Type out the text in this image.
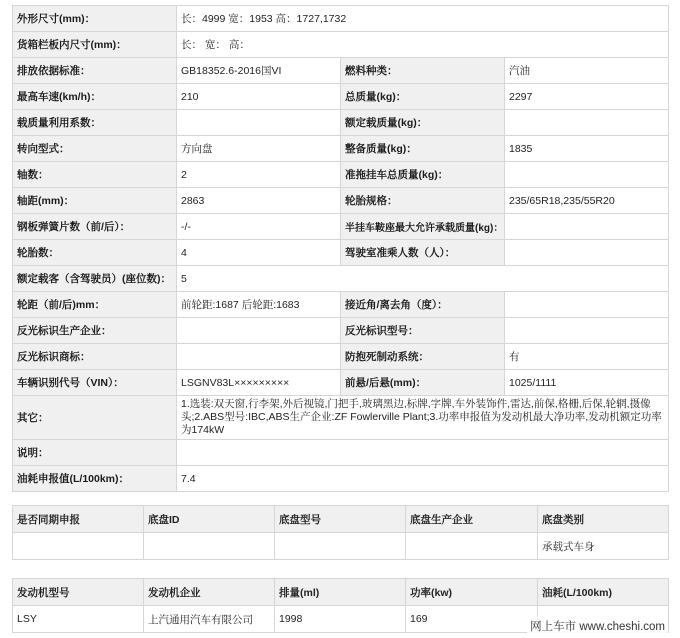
外形尺寸(mm)：	长：4999 宽：1953 高：1727,1732		
货箱栏板内尺寸(mm)：	长： 宽： 高：		
排放依据标准：	GB18352.6-2016国VI	燃料种类：	汽油
最高车速(km/h)：	210	总质量(kg)：	2297
载质量利用系数：		额定载质量(kg)：	
转向型式：	方向盘	整备质量(kg)：	1835
轴数：	2	准拖挂车总质量(kg)：	
轴距(mm)：	2863	轮胎规格：	235/65R18,235/55R20
钢板弹簧片数（前/后）：	-/-	半挂车鞍座最大允许承载质量(kg)：	
轮胎数：	4	驾驶室准乘人数（人）：	
额定载客（含驾驶员）(座位数)：	5		
轮距（前/后)mm：	前轮距:1687 后轮距:1683	接近角/离去角（度）：	
反光标识生产企业：		反光标识型号：	
反光标识商标：		防抱死制动系统：	有
车辆识别代号（VIN）：	LSGNV83L×××××××××	前悬/后悬(mm)：	1025/1111
其它：	1.选装:双天窗,行李架,外后视镜,门把手,玻璃黑边,标牌,字牌,车外装饰件,雷达,前保,格栅,后保,轮辋,摄像头;2.ABS型号:IBC,ABS生产企业:ZF Fowlerville Plant;3.功率申报值为发动机最大净功率,发动机额定功率为174kW		
说明：			
油耗申报值(L/100km)：	7.4		
是否同期申报	底盘ID	底盘型号	底盘生产企业	底盘类别
				承载式车身
发动机型号	发动机企业	排量(ml)	功率(kw)	油耗(L/100km)
LSY	上汽通用汽车有限公司	1998	169	
网上车市 www.cheshi.com
